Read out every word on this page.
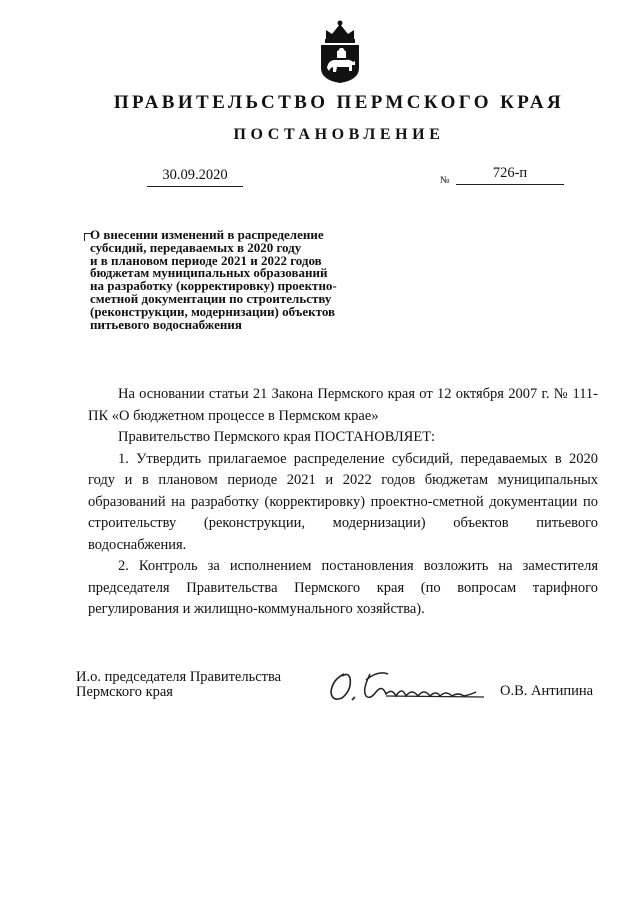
ПРАВИТЕЛЬСТВО ПЕРМСКОГО КРАЯ
ПОСТАНОВЛЕНИЕ
30.09.2020	№	726-п

О внесении изменений в распределение
субсидий, передаваемых в 2020 году
и в плановом периоде 2021 и 2022 годов
бюджетам муниципальных образований
на разработку (корректировку) проектно-
сметной документации по строительству
(реконструкции, модернизации) объектов
питьевого водоснабжения

На основании статьи 21 Закона Пермского края от 12 октября 2007 г. № 111-ПК «О бюджетном процессе в Пермском крае»

Правительство Пермского края ПОСТАНОВЛЯЕТ:

1. Утвердить прилагаемое распределение субсидий, передаваемых в 2020 году и в плановом периоде 2021 и 2022 годов бюджетам муниципальных образований на разработку (корректировку) проектно-сметной документации по строительству (реконструкции, модернизации) объектов питьевого водоснабжения.

2. Контроль за исполнением постановления возложить на заместителя председателя Правительства Пермского края (по вопросам тарифного регулирования и жилищно-коммунального хозяйства).

И.о. председателя Правительства
Пермского края	О.В. Антипина
